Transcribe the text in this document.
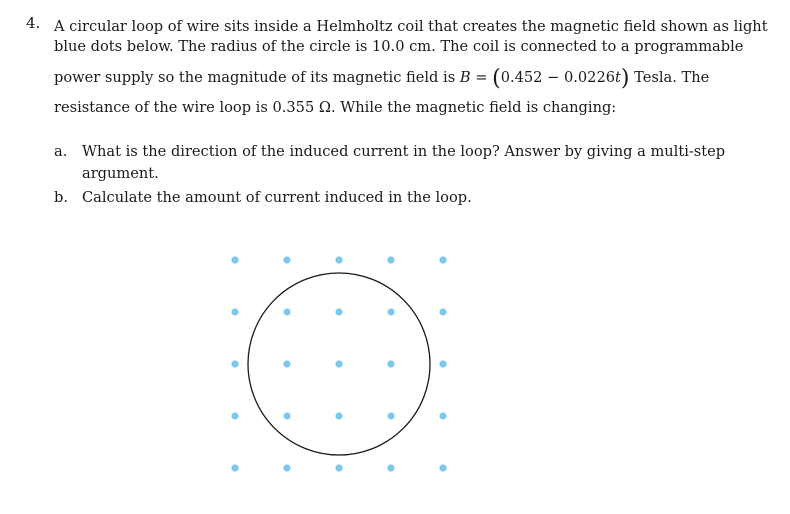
4. A circular loop of wire sits inside a Helmholtz coil that creates the magnetic field shown as light
blue dots below. The radius of the circle is 10.0 cm. The coil is connected to a programmable
power supply so the magnitude of its magnetic field is B = (0.452 − 0.0226t) Tesla. The
resistance of the wire loop is 0.355 Ω. While the magnetic field is changing:
a. What is the direction of the induced current in the loop? Answer by giving a multi-step
argument.
b. Calculate the amount of current induced in the loop.
